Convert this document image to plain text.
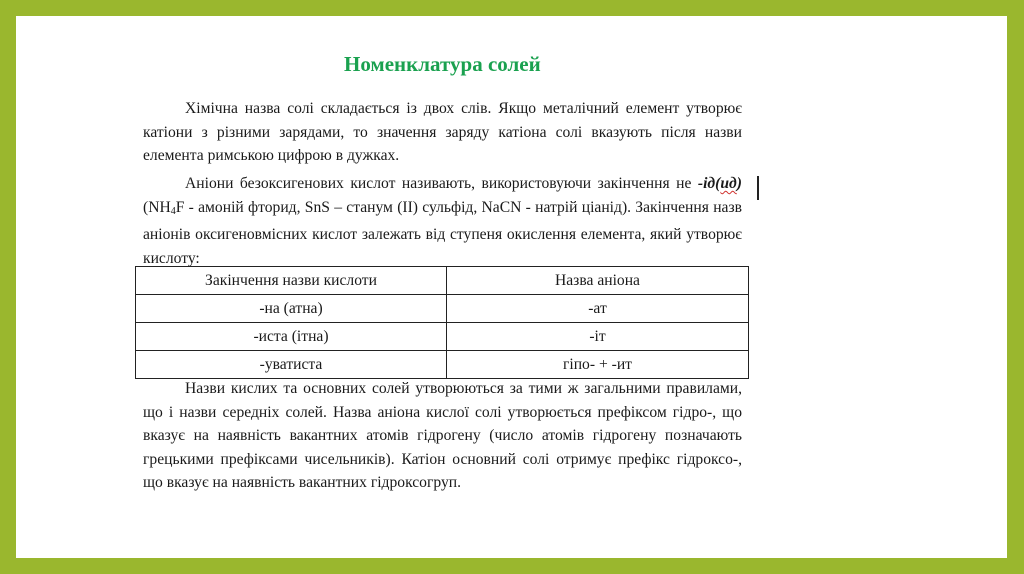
Номенклатура солей

Хімічна назва солі складається із двох слів. Якщо металічний елемент утворює катіони з різними зарядами, то значення заряду катіона солі вказують після назви елемента римською цифрою в дужках.

Аніони безоксигенових кислот називають, використовуючи закінчення не -ід(ид) ($NH_4F$ - амоній фторид, SnS – станум (II) сульфід, NaCN - натрій ціанід). Закінчення назв аніонів оксигеновмісних кислот залежать від ступеня окислення елемента, який утворює кислоту:

Закінчення назви кислоти	Назва аніона
-на (атна)	-ат
-иста (ітна)	-іт
-уватиста	гіпо- + -ит

Назви кислих та основних солей утворюються за тими ж загальними правилами, що і назви середніх солей. Назва аніона кислої солі утворюється префіксом гідро-, що вказує на наявність вакантних атомів гідрогену (число атомів гідрогену позначають грецькими префіксами чисельників). Катіон основний солі отримує префікс гідроксо-, що вказує на наявність вакантних гідроксогруп.
